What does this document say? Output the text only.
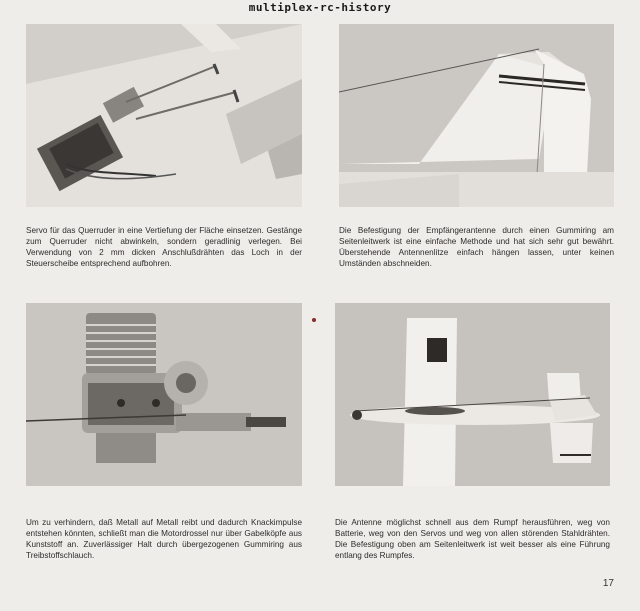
multiplex-rc-history

Servo für das Querruder in eine Vertiefung der Fläche einsetzen. Gestänge zum Querruder nicht abwinkeln, sondern geradlinig verlegen. Bei Verwendung von 2 mm dicken Anschlußdrähten das Loch in der Steuerscheibe entsprechend aufbohren.

Die Befestigung der Empfängerantenne durch einen Gummiring am Seitenleitwerk ist eine einfache Methode und hat sich sehr gut bewährt. Überstehende Antennenlitze einfach hängen lassen, unter keinen Umständen abschneiden.

Um zu verhindern, daß Metall auf Metall reibt und dadurch Knackimpulse entstehen könnten, schließt man die Motordrossel nur über Gabelköpfe aus Kunststoff an. Zuverlässiger Halt durch übergezogenen Gummiring aus Treibstoffschlauch.

Die Antenne möglichst schnell aus dem Rumpf herausführen, weg von Batterie, weg von den Servos und weg von allen störenden Stahldrähten. Die Befestigung oben am Seitenleitwerk ist weit besser als eine Führung entlang des Rumpfes.

17
